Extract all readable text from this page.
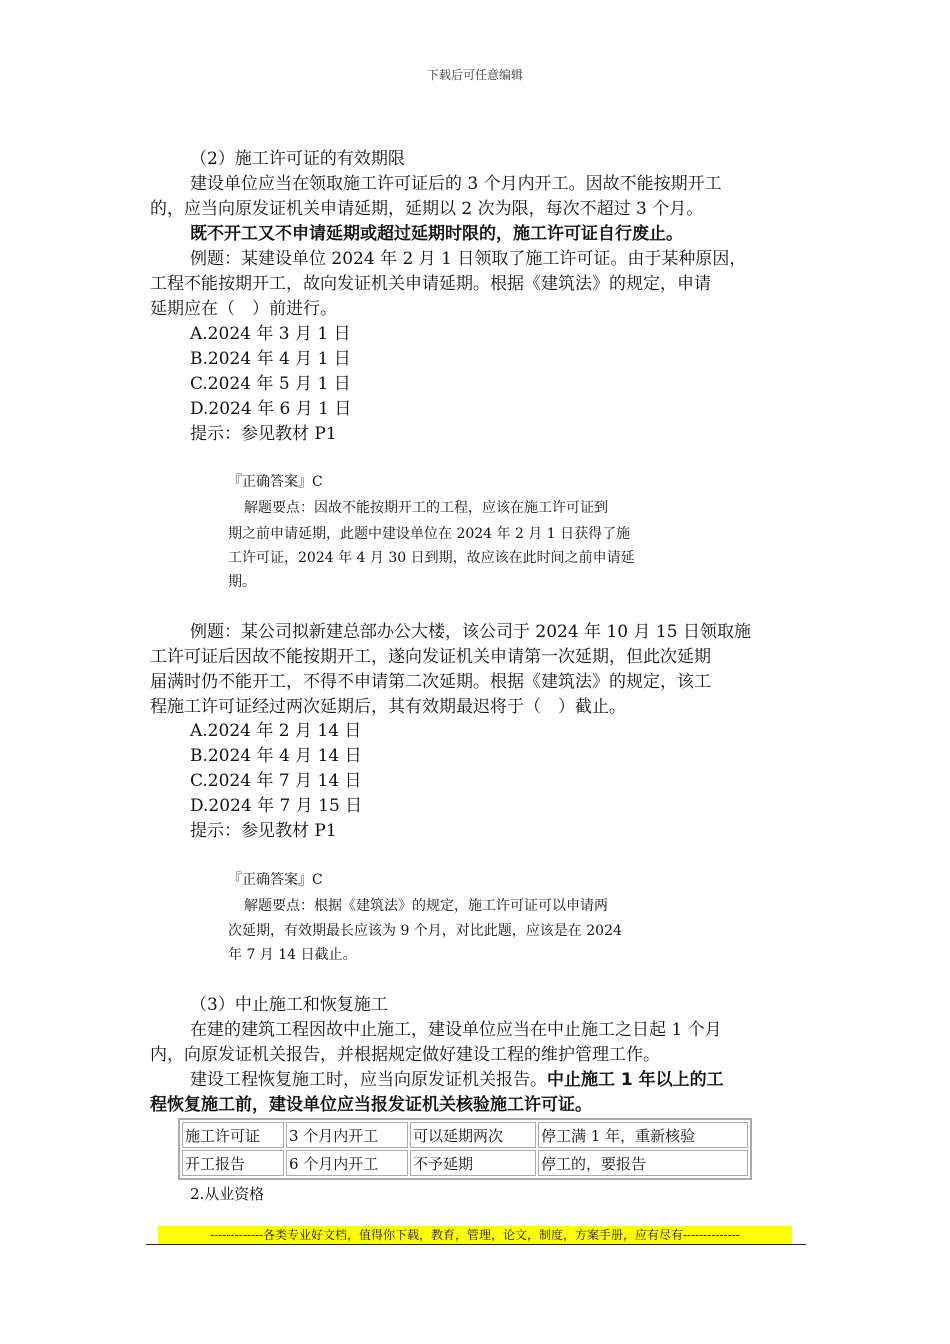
下载后可任意编辑
（2）施工许可证的有效期限
建设单位应当在领取施工许可证后的 3 个月内开工。因故不能按期开工
的，应当向原发证机关申请延期，延期以 2 次为限，每次不超过 3 个月。
既不开工又不申请延期或超过延期时限的，施工许可证自行废止。
例题：某建设单位 2024 年 2 月 1 日领取了施工许可证。由于某种原因，
工程不能按期开工，故向发证机关申请延期。根据《建筑法》的规定，申请
延期应在（　）前进行。
A.2024 年 3 月 1 日
B.2024 年 4 月 1 日
C.2024 年 5 月 1 日
D.2024 年 6 月 1 日
提示：参见教材 P1
『正确答案』C
解题要点：因故不能按期开工的工程，应该在施工许可证到
期之前申请延期，此题中建设单位在 2024 年 2 月 1 日获得了施
工许可证，2024 年 4 月 30 日到期，故应该在此时间之前申请延
期。
例题：某公司拟新建总部办公大楼，该公司于 2024 年 10 月 15 日领取施
工许可证后因故不能按期开工，遂向发证机关申请第一次延期，但此次延期
届满时仍不能开工，不得不申请第二次延期。根据《建筑法》的规定，该工
程施工许可证经过两次延期后，其有效期最迟将于（　）截止。
A.2024 年 2 月 14 日
B.2024 年 4 月 14 日
C.2024 年 7 月 14 日
D.2024 年 7 月 15 日
提示：参见教材 P1
『正确答案』C
解题要点：根据《建筑法》的规定，施工许可证可以申请两
次延期，有效期最长应该为 9 个月，对比此题，应该是在 2024
年 7 月 14 日截止。
（3）中止施工和恢复施工
在建的建筑工程因故中止施工，建设单位应当在中止施工之日起 1 个月
内，向原发证机关报告，并根据规定做好建设工程的维护管理工作。
建设工程恢复施工时，应当向原发证机关报告。中止施工 1 年以上的工
程恢复施工前，建设单位应当报发证机关核验施工许可证。
施工许可证	3 个月内开工	可以延期两次	停工满 1 年，重新核验
开工报告	6 个月内开工	不予延期	停工的，要报告
2.从业资格
-------------各类专业好文档，值得你下载，教育，管理，论文，制度，方案手册，应有尽有--------------
